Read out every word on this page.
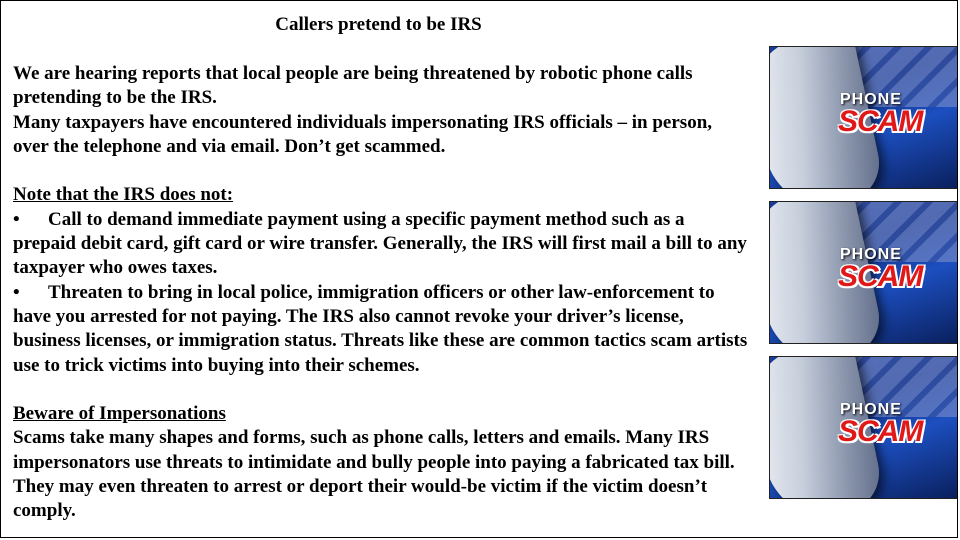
Callers pretend to be IRS

We are hearing reports that local people are being threatened by robotic phone calls pretending to be the IRS.

Many taxpayers have encountered individuals impersonating IRS officials – in person, over the telephone and via email. Don’t get scammed.

Note that the IRS does not:

• Call to demand immediate payment using a specific payment method such as a prepaid debit card, gift card or wire transfer. Generally, the IRS will first mail a bill to any taxpayer who owes taxes.

• Threaten to bring in local police, immigration officers or other law-enforcement to have you arrested for not paying. The IRS also cannot revoke your driver’s license, business licenses, or immigration status. Threats like these are common tactics scam artists use to trick victims into buying into their schemes.

Beware of Impersonations

Scams take many shapes and forms, such as phone calls, letters and emails. Many IRS impersonators use threats to intimidate and bully people into paying a fabricated tax bill. They may even threaten to arrest or deport their would-be victim if the victim doesn’t comply.

PHONE
SCAM
PHONE
SCAM
PHONE
SCAM
